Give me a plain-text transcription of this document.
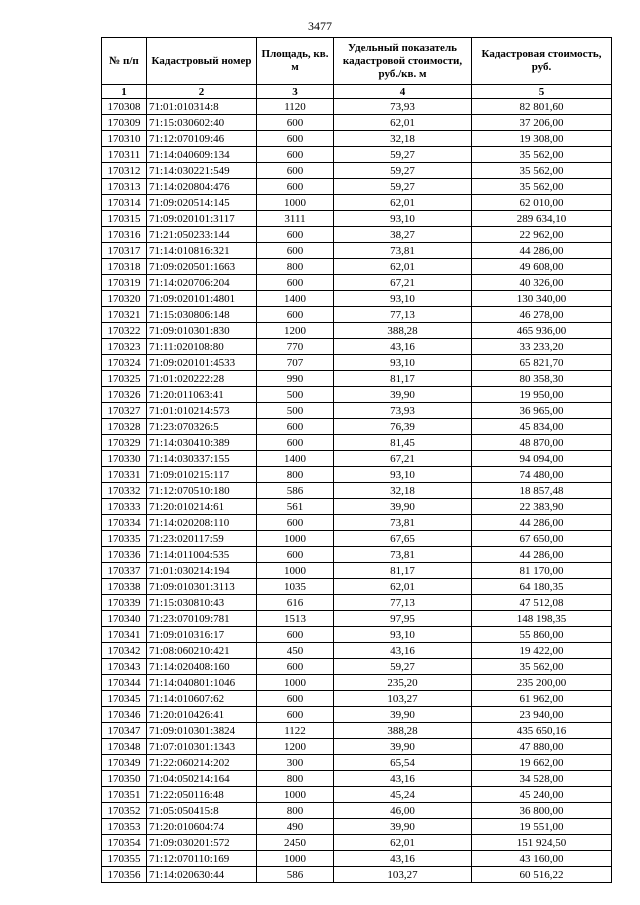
3477
№ п/п	Кадастровый номер	Площадь, кв. м	Удельный показатель кадастровой стоимости, руб./кв. м	Кадастровая стоимость, руб.
1	2	3	4	5
170308	71:01:010314:8	1120	73,93	82 801,60
170309	71:15:030602:40	600	62,01	37 206,00
170310	71:12:070109:46	600	32,18	19 308,00
170311	71:14:040609:134	600	59,27	35 562,00
170312	71:14:030221:549	600	59,27	35 562,00
170313	71:14:020804:476	600	59,27	35 562,00
170314	71:09:020514:145	1000	62,01	62 010,00
170315	71:09:020101:3117	3111	93,10	289 634,10
170316	71:21:050233:144	600	38,27	22 962,00
170317	71:14:010816:321	600	73,81	44 286,00
170318	71:09:020501:1663	800	62,01	49 608,00
170319	71:14:020706:204	600	67,21	40 326,00
170320	71:09:020101:4801	1400	93,10	130 340,00
170321	71:15:030806:148	600	77,13	46 278,00
170322	71:09:010301:830	1200	388,28	465 936,00
170323	71:11:020108:80	770	43,16	33 233,20
170324	71:09:020101:4533	707	93,10	65 821,70
170325	71:01:020222:28	990	81,17	80 358,30
170326	71:20:011063:41	500	39,90	19 950,00
170327	71:01:010214:573	500	73,93	36 965,00
170328	71:23:070326:5	600	76,39	45 834,00
170329	71:14:030410:389	600	81,45	48 870,00
170330	71:14:030337:155	1400	67,21	94 094,00
170331	71:09:010215:117	800	93,10	74 480,00
170332	71:12:070510:180	586	32,18	18 857,48
170333	71:20:010214:61	561	39,90	22 383,90
170334	71:14:020208:110	600	73,81	44 286,00
170335	71:23:020117:59	1000	67,65	67 650,00
170336	71:14:011004:535	600	73,81	44 286,00
170337	71:01:030214:194	1000	81,17	81 170,00
170338	71:09:010301:3113	1035	62,01	64 180,35
170339	71:15:030810:43	616	77,13	47 512,08
170340	71:23:070109:781	1513	97,95	148 198,35
170341	71:09:010316:17	600	93,10	55 860,00
170342	71:08:060210:421	450	43,16	19 422,00
170343	71:14:020408:160	600	59,27	35 562,00
170344	71:14:040801:1046	1000	235,20	235 200,00
170345	71:14:010607:62	600	103,27	61 962,00
170346	71:20:010426:41	600	39,90	23 940,00
170347	71:09:010301:3824	1122	388,28	435 650,16
170348	71:07:010301:1343	1200	39,90	47 880,00
170349	71:22:060214:202	300	65,54	19 662,00
170350	71:04:050214:164	800	43,16	34 528,00
170351	71:22:050116:48	1000	45,24	45 240,00
170352	71:05:050415:8	800	46,00	36 800,00
170353	71:20:010604:74	490	39,90	19 551,00
170354	71:09:030201:572	2450	62,01	151 924,50
170355	71:12:070110:169	1000	43,16	43 160,00
170356	71:14:020630:44	586	103,27	60 516,22
